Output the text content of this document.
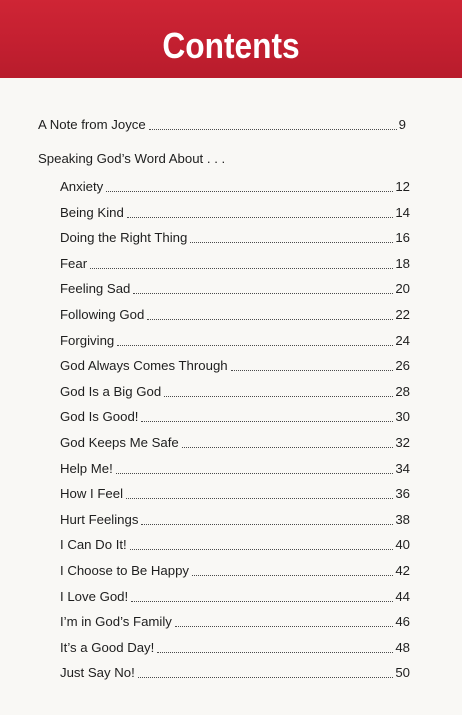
Contents
A Note from Joyce	9
Speaking God’s Word About . . .
Anxiety	12
Being Kind	14
Doing the Right Thing	16
Fear	18
Feeling Sad	20
Following God	22
Forgiving	24
God Always Comes Through	26
God Is a Big God	28
God Is Good!	30
God Keeps Me Safe	32
Help Me!	34
How I Feel	36
Hurt Feelings	38
I Can Do It!	40
I Choose to Be Happy	42
I Love God!	44
I’m in God’s Family	46
It’s a Good Day!	48
Just Say No!	50
